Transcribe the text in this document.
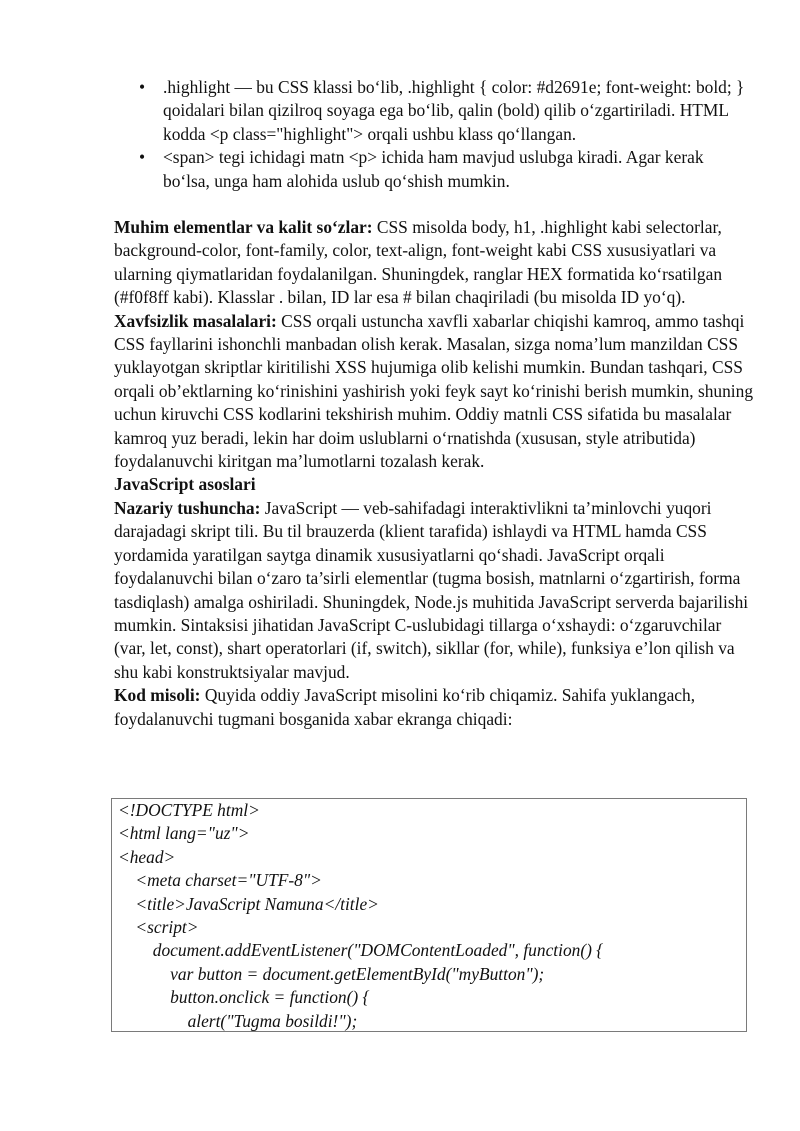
• .highlight — bu CSS klassi bo‘lib, .highlight { color: #d2691e; font-weight: bold; } qoidalari bilan qizilroq soyaga ega bo‘lib, qalin (bold) qilib o‘zgartiriladi. HTML kodda <p class="highlight"> orqali ushbu klass qo‘llangan.
• <span> tegi ichidagi matn <p> ichida ham mavjud uslubga kiradi. Agar kerak bo‘lsa, unga ham alohida uslub qo‘shish mumkin.

Muhim elementlar va kalit so‘zlar: CSS misolda body, h1, .highlight kabi selectorlar, background-color, font-family, color, text-align, font-weight kabi CSS xususiyatlari va ularning qiymatlaridan foydalanilgan. Shuningdek, ranglar HEX formatida ko‘rsatilgan (#f0f8ff kabi). Klasslar . bilan, ID lar esa # bilan chaqiriladi (bu misolda ID yo‘q).

Xavfsizlik masalalari: CSS orqali ustuncha xavfli xabarlar chiqishi kamroq, ammo tashqi CSS fayllarini ishonchli manbadan olish kerak. Masalan, sizga noma’lum manzildan CSS yuklayotgan skriptlar kiritilishi XSS hujumiga olib kelishi mumkin. Bundan tashqari, CSS orqali ob’ektlarning ko‘rinishini yashirish yoki feyk sayt ko‘rinishi berish mumkin, shuning uchun kiruvchi CSS kodlarini tekshirish muhim. Oddiy matnli CSS sifatida bu masalalar kamroq yuz beradi, lekin har doim uslublarni o‘rnatishda (xususan, style atributida) foydalanuvchi kiritgan ma’lumotlarni tozalash kerak.

JavaScript asoslari

Nazariy tushuncha: JavaScript — veb-sahifadagi interaktivlikni ta’minlovchi yuqori darajadagi skript tili. Bu til brauzerda (klient tarafida) ishlaydi va HTML hamda CSS yordamida yaratilgan saytga dinamik xususiyatlarni qo‘shadi. JavaScript orqali foydalanuvchi bilan o‘zaro ta’sirli elementlar (tugma bosish, matnlarni o‘zgartirish, forma tasdiqlash) amalga oshiriladi. Shuningdek, Node.js muhitida JavaScript serverda bajarilishi mumkin. Sintaksisi jihatidan JavaScript C-uslubidagi tillarga o‘xshaydi: o‘zgaruvchilar (var, let, const), shart operatorlari (if, switch), sikllar (for, while), funksiya e’lon qilish va shu kabi konstruktsiyalar mavjud.

Kod misoli: Quyida oddiy JavaScript misolini ko‘rib chiqamiz. Sahifa yuklangach, foydalanuvchi tugmani bosganida xabar ekranga chiqadi:

<!DOCTYPE html>
<html lang="uz">
<head>
<meta charset="UTF-8">
<title>JavaScript Namuna</title>
<script>
document.addEventListener("DOMContentLoaded", function() {
var button = document.getElementById("myButton");
button.onclick = function() {
alert("Tugma bosildi!");
